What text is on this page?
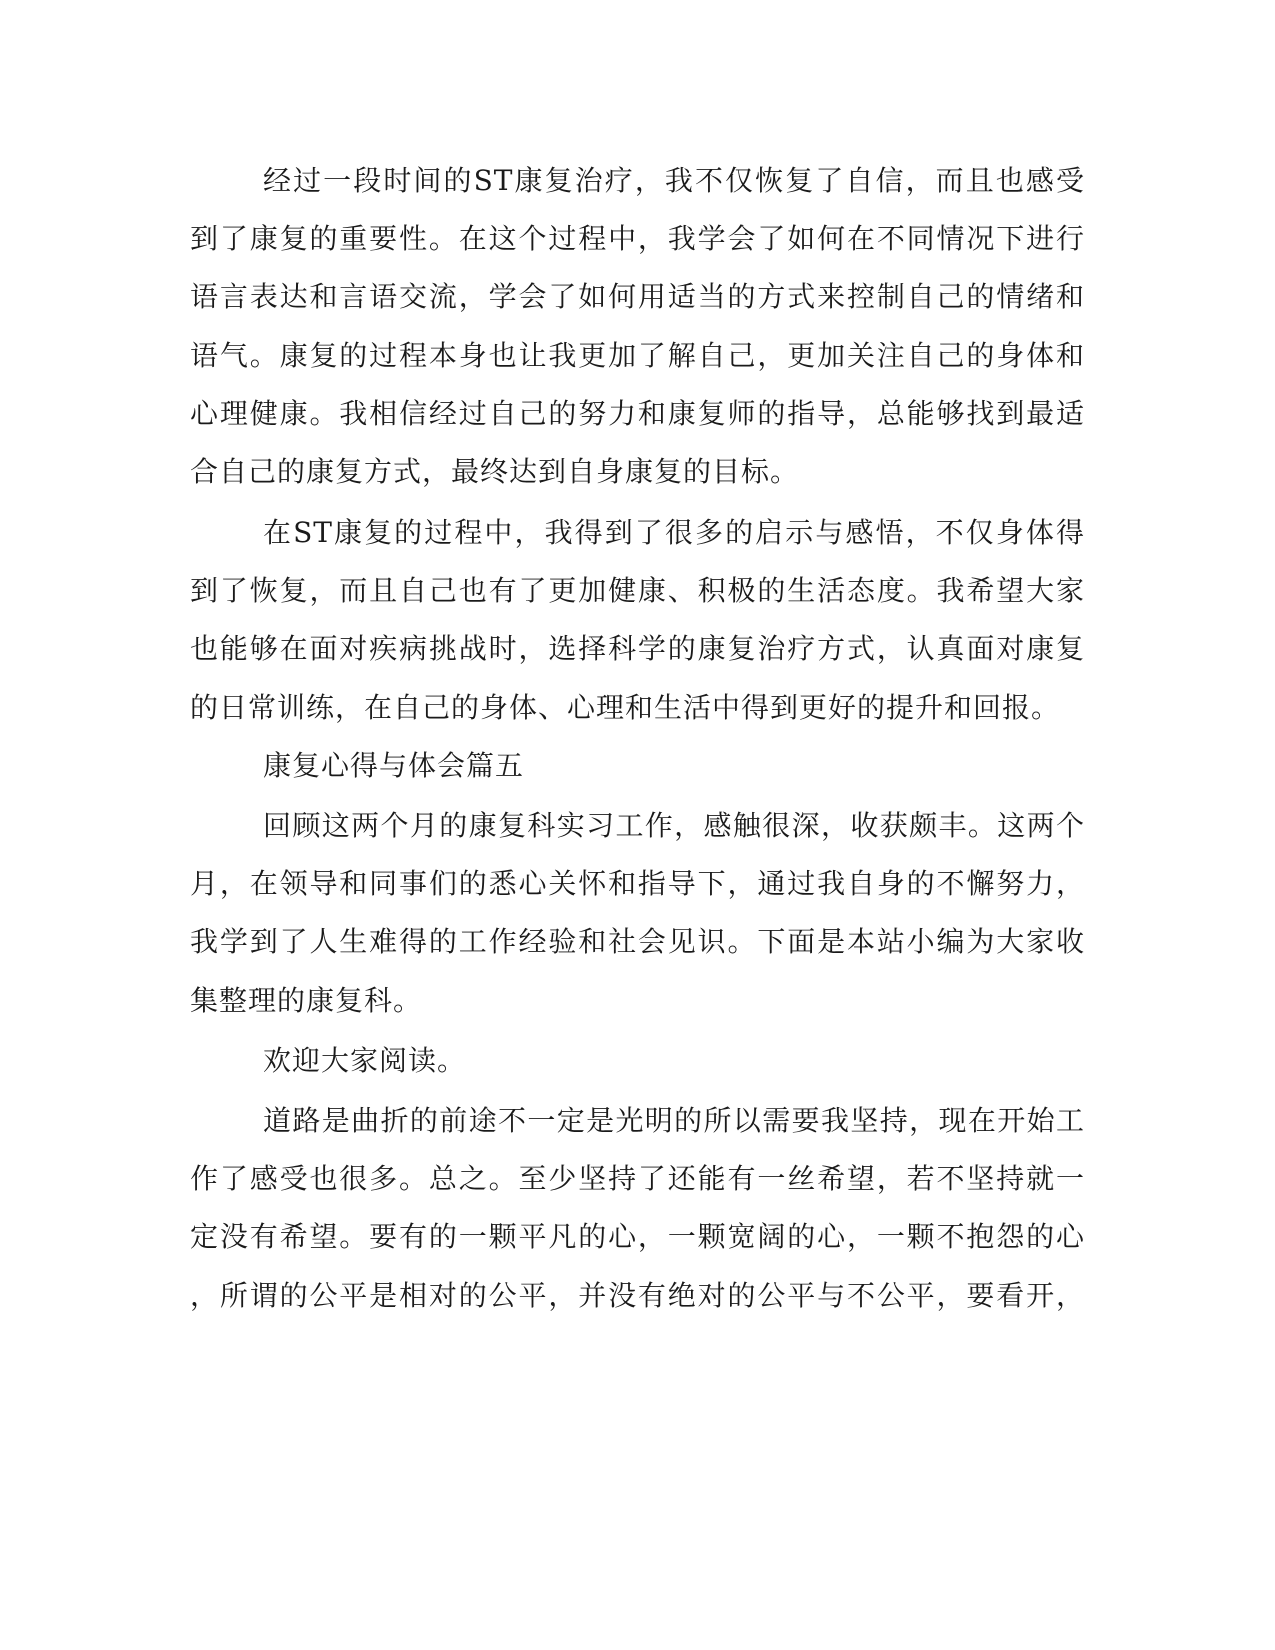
经过一段时间的ST康复治疗，我不仅恢复了自信，而且也感受
到了康复的重要性。在这个过程中，我学会了如何在不同情况下进行
语言表达和言语交流，学会了如何用适当的方式来控制自己的情绪和
语气。康复的过程本身也让我更加了解自己，更加关注自己的身体和
心理健康。我相信经过自己的努力和康复师的指导，总能够找到最适
合自己的康复方式，最终达到自身康复的目标。
在ST康复的过程中，我得到了很多的启示与感悟，不仅身体得
到了恢复，而且自己也有了更加健康、积极的生活态度。我希望大家
也能够在面对疾病挑战时，选择科学的康复治疗方式，认真面对康复
的日常训练，在自己的身体、心理和生活中得到更好的提升和回报。
康复心得与体会篇五
回顾这两个月的康复科实习工作，感触很深，收获颇丰。这两个
月，在领导和同事们的悉心关怀和指导下，通过我自身的不懈努力，
我学到了人生难得的工作经验和社会见识。下面是本站小编为大家收
集整理的康复科。
欢迎大家阅读。
道路是曲折的前途不一定是光明的所以需要我坚持，现在开始工
作了感受也很多。总之。至少坚持了还能有一丝希望，若不坚持就一
定没有希望。要有的一颗平凡的心，一颗宽阔的心，一颗不抱怨的心
，所谓的公平是相对的公平，并没有绝对的公平与不公平，要看开，
